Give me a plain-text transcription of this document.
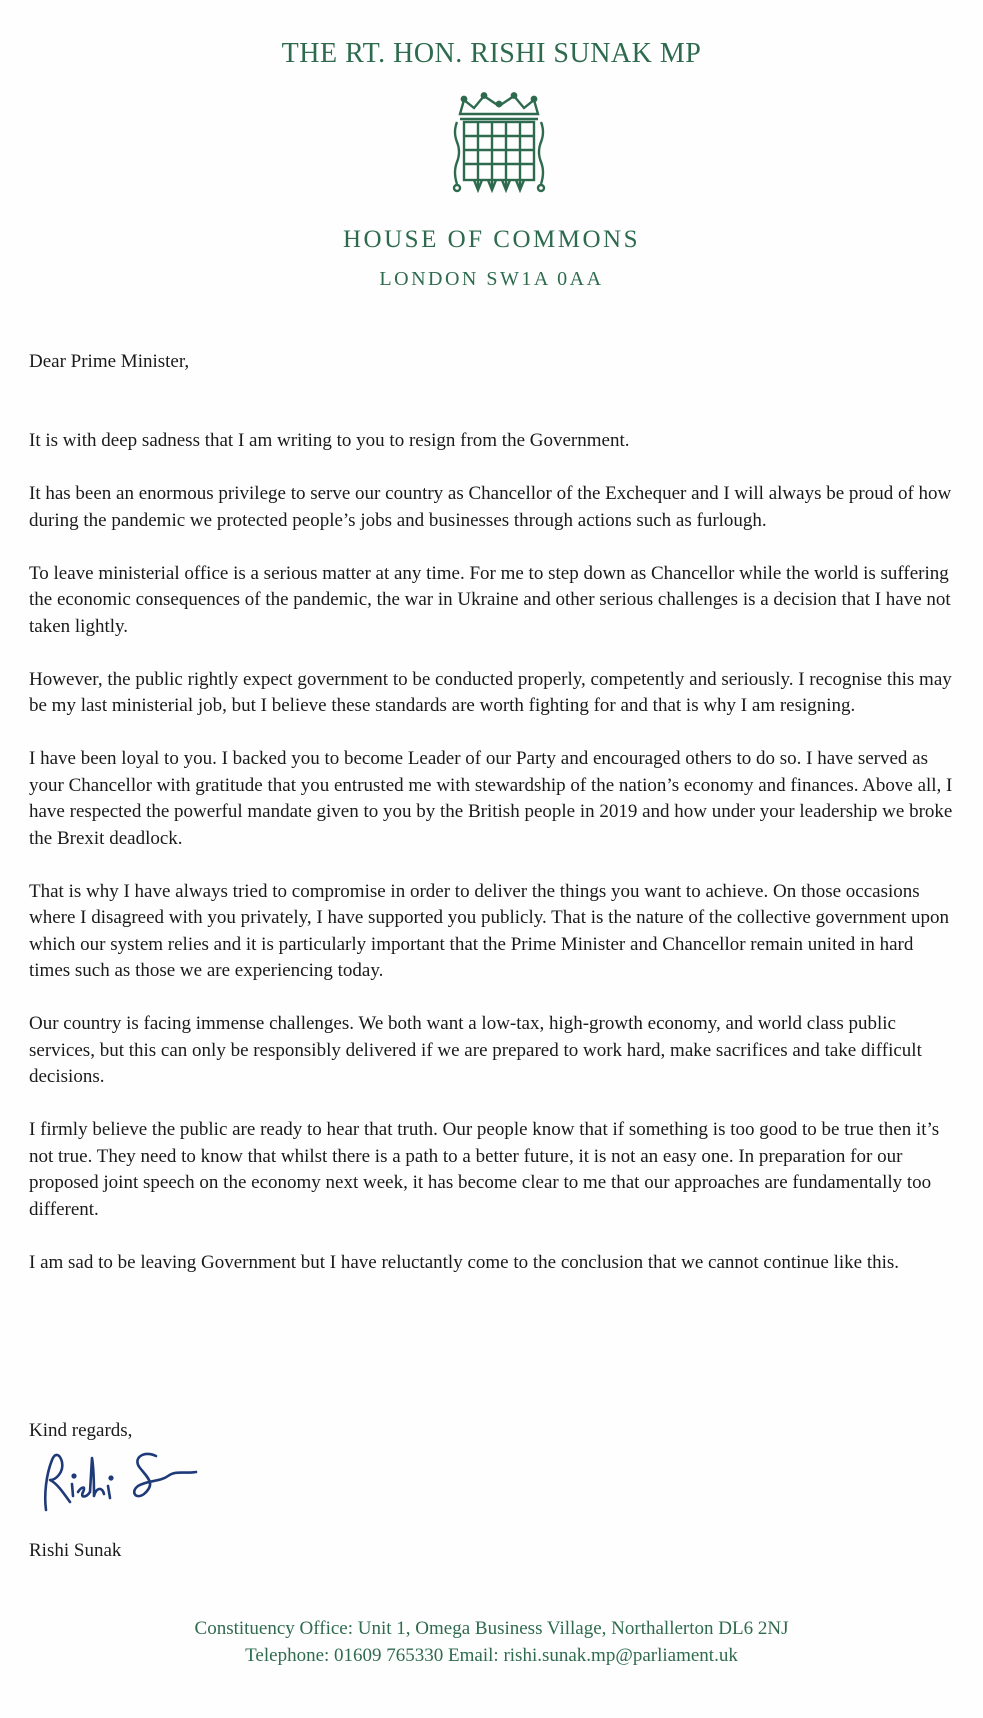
THE RT. HON. RISHI SUNAK MP
HOUSE OF COMMONS
LONDON SW1A 0AA
Dear Prime Minister,

It is with deep sadness that I am writing to you to resign from the Government.

It has been an enormous privilege to serve our country as Chancellor of the Exchequer and I will always be proud of how during the pandemic we protected people’s jobs and businesses through actions such as furlough.

To leave ministerial office is a serious matter at any time. For me to step down as Chancellor while the world is suffering the economic consequences of the pandemic, the war in Ukraine and other serious challenges is a decision that I have not taken lightly.

However, the public rightly expect government to be conducted properly, competently and seriously. I recognise this may be my last ministerial job, but I believe these standards are worth fighting for and that is why I am resigning.

I have been loyal to you. I backed you to become Leader of our Party and encouraged others to do so. I have served as your Chancellor with gratitude that you entrusted me with stewardship of the nation’s economy and finances. Above all, I have respected the powerful mandate given to you by the British people in 2019 and how under your leadership we broke the Brexit deadlock.

That is why I have always tried to compromise in order to deliver the things you want to achieve. On those occasions where I disagreed with you privately, I have supported you publicly. That is the nature of the collective government upon which our system relies and it is particularly important that the Prime Minister and Chancellor remain united in hard times such as those we are experiencing today.

Our country is facing immense challenges. We both want a low-tax, high-growth economy, and world class public services, but this can only be responsibly delivered if we are prepared to work hard, make sacrifices and take difficult decisions.

I firmly believe the public are ready to hear that truth. Our people know that if something is too good to be true then it’s not true. They need to know that whilst there is a path to a better future, it is not an easy one. In preparation for our proposed joint speech on the economy next week, it has become clear to me that our approaches are fundamentally too different.

I am sad to be leaving Government but I have reluctantly come to the conclusion that we cannot continue like this.

Kind regards,
Rishi Sunak
Constituency Office: Unit 1, Omega Business Village, Northallerton DL6 2NJ
Telephone: 01609 765330 Email: rishi.sunak.mp@parliament.uk
